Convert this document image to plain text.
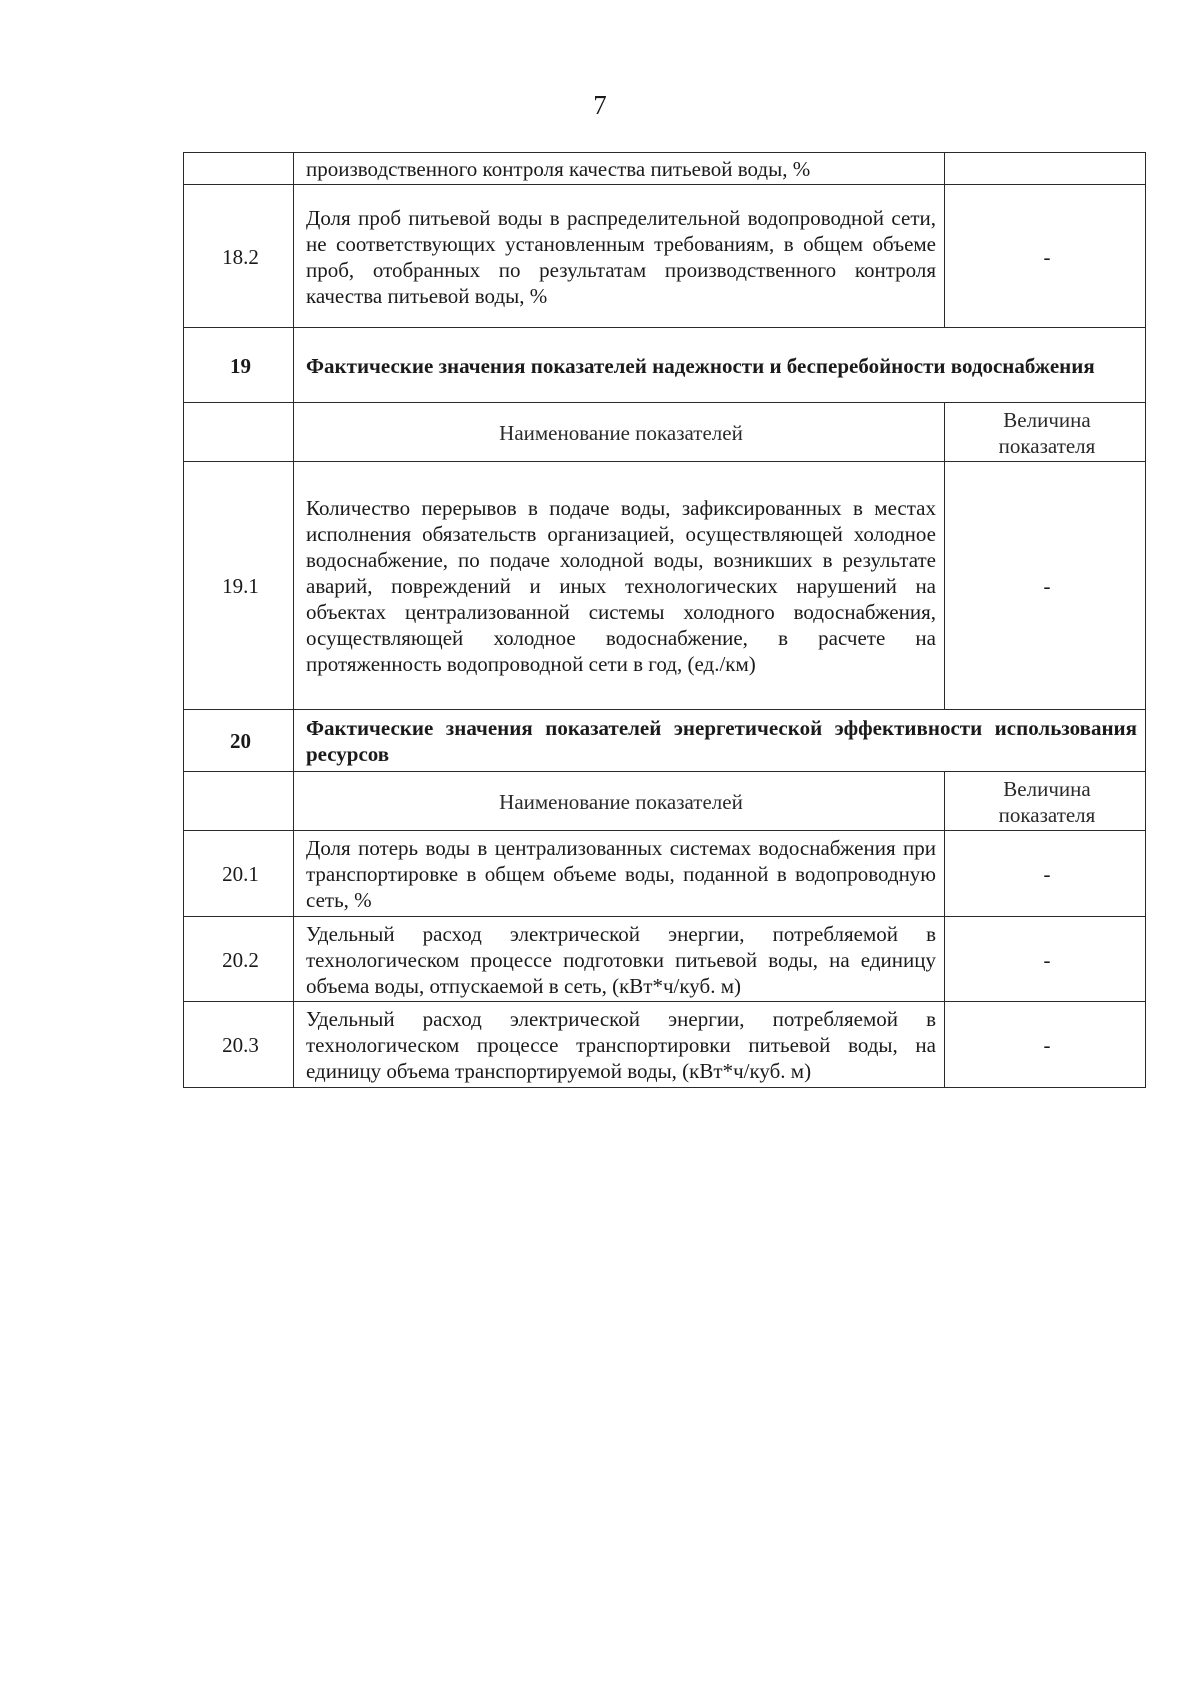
7
	производственного контроля качества питьевой воды, %	
18.2	Доля проб питьевой воды в распределительной водопроводной сети, не соответствующих установленным требованиям, в общем объеме проб, отобранных по результатам производственного контроля качества питьевой воды, %	-
19	Фактические значения показателей надежности и бесперебойности водоснабжения	
	Наименование показателей	Величина показателя
19.1	Количество перерывов в подаче воды, зафиксированных в местах исполнения обязательств организацией, осуществляющей холодное водоснабжение, по подаче холодной воды, возникших в результате аварий, повреждений и иных технологических нарушений на объектах централизованной системы холодного водоснабжения, осуществляющей холодное водоснабжение, в расчете на протяженность водопроводной сети в год, (ед./км)	-
20	Фактические значения показателей энергетической эффективности использования ресурсов	
	Наименование показателей	Величина показателя
20.1	Доля потерь воды в централизованных системах водоснабжения при транспортировке в общем объеме воды, поданной в водопроводную сеть, %	-
20.2	Удельный расход электрической энергии, потребляемой в технологическом процессе подготовки питьевой воды, на единицу объема воды, отпускаемой в сеть, (кВт*ч/куб. м)	-
20.3	Удельный расход электрической энергии, потребляемой в технологическом процессе транспортировки питьевой воды, на единицу объема транспортируемой воды, (кВт*ч/куб. м)	-
